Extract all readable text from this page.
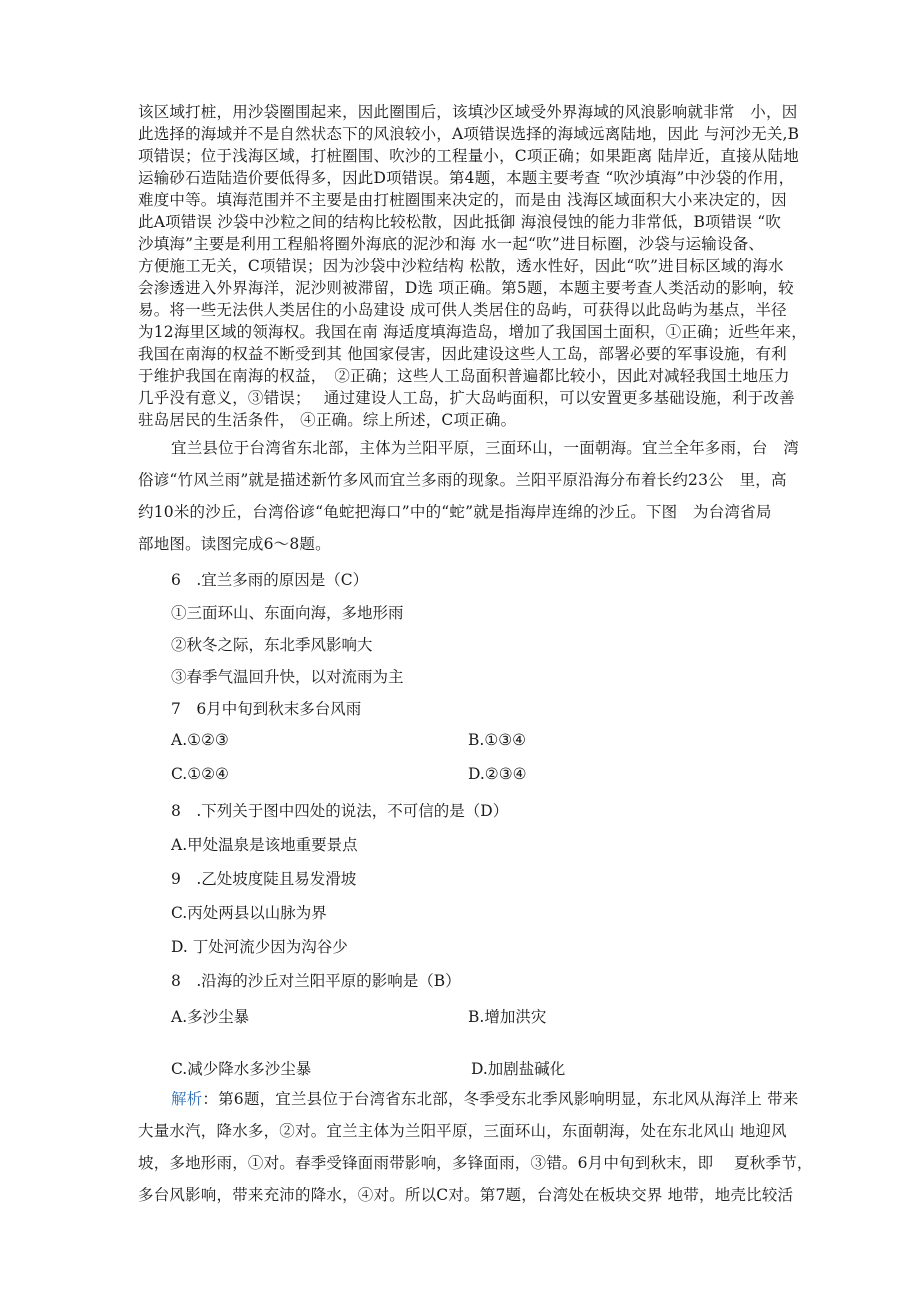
该区域打桩，用沙袋圈围起来，因此圈围后，该填沙区域受外界海域的风浪影响就非常　小，因
此选择的海域并不是自然状态下的风浪较小，A项错误选择的海域远离陆地，因此 与河沙无关,B
项错误；位于浅海区域，打桩圈围、吹沙的工程量小，C项正确；如果距离 陆岸近，直接从陆地
运输砂石造陆造价要低得多，因此D项错误。第4题，本题主要考查 “吹沙填海”中沙袋的作用，
难度中等。填海范围并不主要是由打桩圈围来决定的，而是由 浅海区域面积大小来决定的，因
此A项错误 沙袋中沙粒之间的结构比较松散，因此抵御 海浪侵蚀的能力非常低，B项错误 “吹
沙填海”主要是利用工程船将圈外海底的泥沙和海 水一起“吹”进目标圈，沙袋与运输设备、
方便施工无关，C项错误；因为沙袋中沙粒结构 松散，透水性好，因此“吹”进目标区域的海水
会渗透进入外界海洋，泥沙则被滞留，D选 项正确。第5题，本题主要考查人类活动的影响，较
易。将一些无法供人类居住的小岛建设 成可供人类居住的岛屿，可获得以此岛屿为基点，半径
为12海里区域的领海权。我国在南 海适度填海造岛，增加了我国国土面积，①正确；近些年来，
我国在南海的权益不断受到其 他国家侵害，因此建设这些人工岛，部署必要的军事设施，有利
于维护我国在南海的权益，　②正确；这些人工岛面积普遍都比较小，因此对减轻我国土地压力
几乎没有意义，③错误；　 通过建设人工岛，扩大岛屿面积，可以安置更多基础设施，利于改善
驻岛居民的生活条件， ④正确。综上所述，C项正确。
宜兰县位于台湾省东北部，主体为兰阳平原，三面环山，一面朝海。宜兰全年多雨，台　湾
俗谚“竹风兰雨”就是描述新竹多风而宜兰多雨的现象。兰阳平原沿海分布着长约23公　里，高
约10米的沙丘，台湾俗谚“龟蛇把海口”中的“蛇”就是指海岸连绵的沙丘。下图　为台湾省局
部地图。读图完成6～8题。
6　.宜兰多雨的原因是（C）
①三面环山、东面向海，多地形雨
②秋冬之际，东北季风影响大
③春季气温回升快，以对流雨为主
7　6月中旬到秋末多台风雨
A.①②③	B.①③④
C.①②④	D.②③④
8　.下列关于图中四处的说法，不可信的是（D）
A.甲处温泉是该地重要景点
9　.乙处坡度陡且易发滑坡
C.丙处两县以山脉为界
D. 丁处河流少因为沟谷少
8　.沿海的沙丘对兰阳平原的影响是（B）
A.多沙尘暴	B.增加洪灾
C.减少降水多沙尘暴	D.加剧盐碱化
解析：第6题，宜兰县位于台湾省东北部，冬季受东北季风影响明显，东北风从海洋上 带来
大量水汽，降水多，②对。宜兰主体为兰阳平原，三面环山，东面朝海，处在东北风山 地迎风
坡，多地形雨，①对。春季受锋面雨带影响，多锋面雨，③错。6月中旬到秋末，即　 夏秋季节，
多台风影响，带来充沛的降水，④对。所以C对。第7题，台湾处在板块交界 地带，地壳比较活
